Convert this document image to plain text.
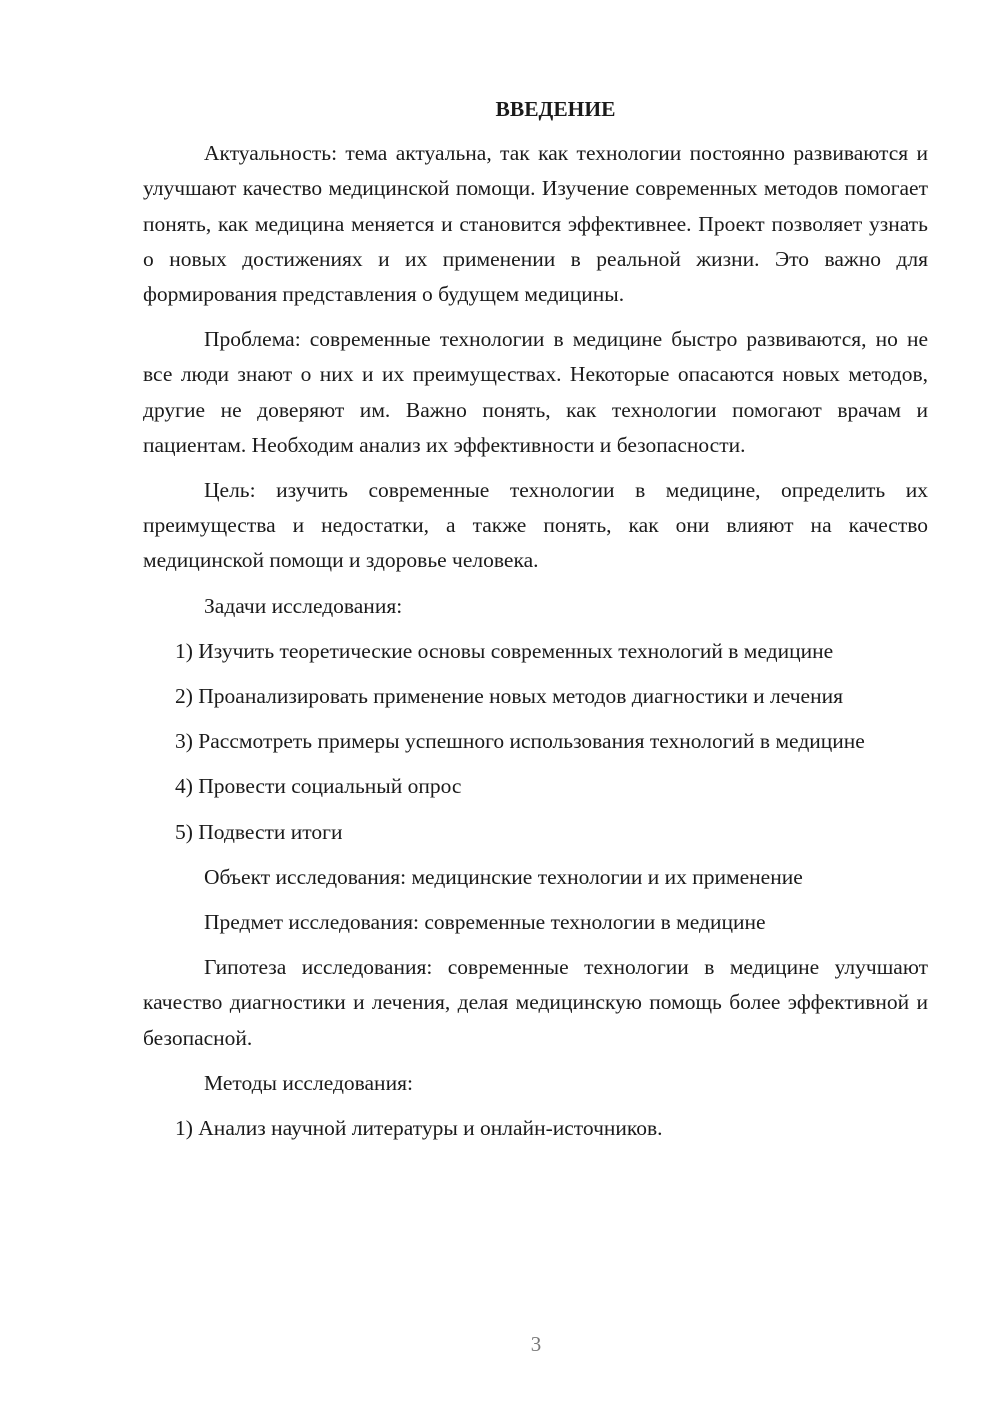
ВВЕДЕНИЕ

Актуальность: тема актуальна, так как технологии постоянно развиваются и улучшают качество медицинской помощи. Изучение современных методов помогает понять, как медицина меняется и становится эффективнее. Проект позволяет узнать о новых достижениях и их применении в реальной жизни. Это важно для формирования представления о будущем медицины.

Проблема: современные технологии в медицине быстро развиваются, но не все люди знают о них и их преимуществах. Некоторые опасаются новых методов, другие не доверяют им. Важно понять, как технологии помогают врачам и пациентам. Необходим анализ их эффективности и безопасности.

Цель: изучить современные технологии в медицине, определить их преимущества и недостатки, а также понять, как они влияют на качество медицинской помощи и здоровье человека.

Задачи исследования:

1) Изучить теоретические основы современных технологий в медицине

2) Проанализировать применение новых методов диагностики и лечения

3) Рассмотреть примеры успешного использования технологий в медицине

4) Провести социальный опрос

5) Подвести итоги

Объект исследования: медицинские технологии и их применение

Предмет исследования: современные технологии в медицине

Гипотеза исследования: современные технологии в медицине улучшают качество диагностики и лечения, делая медицинскую помощь более эффективной и безопасной.

Методы исследования:

1) Анализ научной литературы и онлайн-источников.

3
